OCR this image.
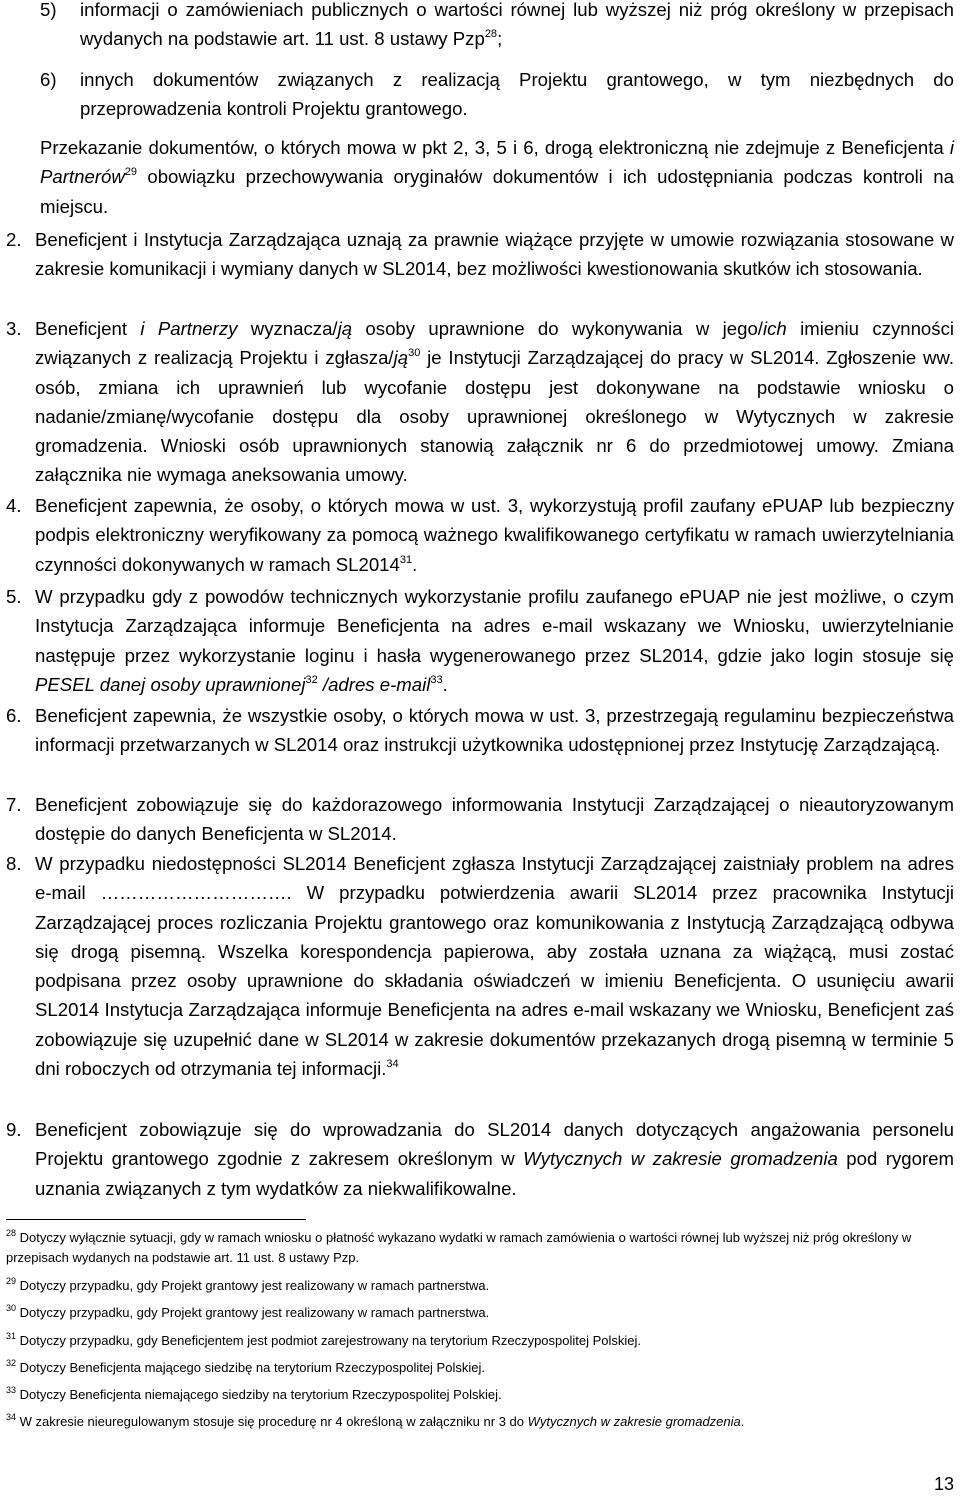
5) informacji o zamówieniach publicznych o wartości równej lub wyższej niż próg określony w przepisach wydanych na podstawie art. 11 ust. 8 ustawy Pzp$^{28}$;
6) innych dokumentów związanych z realizacją Projektu grantowego, w tym niezbędnych do przeprowadzenia kontroli Projektu grantowego.

Przekazanie dokumentów, o których mowa w pkt 2, 3, 5 i 6, drogą elektroniczną nie zdejmuje z Beneficjenta i Partnerów$^{29}$ obowiązku przechowywania oryginałów dokumentów i ich udostępniania podczas kontroli na miejscu.

2. Beneficjent i Instytucja Zarządzająca uznają za prawnie wiążące przyjęte w umowie rozwiązania stosowane w zakresie komunikacji i wymiany danych w SL2014, bez możliwości kwestionowania skutków ich stosowania.
3. Beneficjent i Partnerzy wyznacza/ją osoby uprawnione do wykonywania w jego/ich imieniu czynności związanych z realizacją Projektu i zgłasza/$ją^{30}$ je Instytucji Zarządzającej do pracy w SL2014. Zgłoszenie ww. osób, zmiana ich uprawnień lub wycofanie dostępu jest dokonywane na podstawie wniosku o nadanie/zmianę/wycofanie dostępu dla osoby uprawnionej określonego w Wytycznych w zakresie gromadzenia. Wnioski osób uprawnionych stanowią załącznik nr 6 do przedmiotowej umowy. Zmiana załącznika nie wymaga aneksowania umowy.
4. Beneficjent zapewnia, że osoby, o których mowa w ust. 3, wykorzystują profil zaufany ePUAP lub bezpieczny podpis elektroniczny weryfikowany za pomocą ważnego kwalifikowanego certyfikatu w ramach uwierzytelniania czynności dokonywanych w ramach SL2014$^{31}$.
5. W przypadku gdy z powodów technicznych wykorzystanie profilu zaufanego ePUAP nie jest możliwe, o czym Instytucja Zarządzająca informuje Beneficjenta na adres e-mail wskazany we Wniosku, uwierzytelnianie następuje przez wykorzystanie loginu i hasła wygenerowanego przez SL2014, gdzie jako login stosuje się PESEL danej osoby uprawnionej$^{32}$ /adres e-mail$^{33}$.
6. Beneficjent zapewnia, że wszystkie osoby, o których mowa w ust. 3, przestrzegają regulaminu bezpieczeństwa informacji przetwarzanych w SL2014 oraz instrukcji użytkownika udostępnionej przez Instytucję Zarządzającą.
7. Beneficjent zobowiązuje się do każdorazowego informowania Instytucji Zarządzającej o nieautoryzowanym dostępie do danych Beneficjenta w SL2014.
8. W przypadku niedostępności SL2014 Beneficjent zgłasza Instytucji Zarządzającej zaistniały problem na adres e-mail …………………………. W przypadku potwierdzenia awarii SL2014 przez pracownika Instytucji Zarządzającej proces rozliczania Projektu grantowego oraz komunikowania z Instytucją Zarządzającą odbywa się drogą pisemną. Wszelka korespondencja papierowa, aby została uznana za wiążącą, musi zostać podpisana przez osoby uprawnione do składania oświadczeń w imieniu Beneficjenta. O usunięciu awarii SL2014 Instytucja Zarządzająca informuje Beneficjenta na adres e-mail wskazany we Wniosku, Beneficjent zaś zobowiązuje się uzupełnić dane w SL2014 w zakresie dokumentów przekazanych drogą pisemną w terminie 5 dni roboczych od otrzymania tej informacji.$^{34}$
9. Beneficjent zobowiązuje się do wprowadzania do SL2014 danych dotyczących angażowania personelu Projektu grantowego zgodnie z zakresem określonym w Wytycznych w zakresie gromadzenia pod rygorem uznania związanych z tym wydatków za niekwalifikowalne.
$^{28}$ Dotyczy wyłącznie sytuacji, gdy w ramach wniosku o płatność wykazano wydatki w ramach zamówienia o wartości równej lub wyższej niż próg określony w przepisach wydanych na podstawie art. 11 ust. 8 ustawy Pzp.
$^{29}$ Dotyczy przypadku, gdy Projekt grantowy jest realizowany w ramach partnerstwa.
$^{30}$ Dotyczy przypadku, gdy Projekt grantowy jest realizowany w ramach partnerstwa.
$^{31}$ Dotyczy przypadku, gdy Beneficjentem jest podmiot zarejestrowany na terytorium Rzeczypospolitej Polskiej.
$^{32}$ Dotyczy Beneficjenta mającego siedzibę na terytorium Rzeczypospolitej Polskiej.
$^{33}$ Dotyczy Beneficjenta niemającego siedziby na terytorium Rzeczypospolitej Polskiej.
$^{34}$ W zakresie nieuregulowanym stosuje się procedurę nr 4 określoną w załączniku nr 3 do Wytycznych w zakresie gromadzenia.
13
